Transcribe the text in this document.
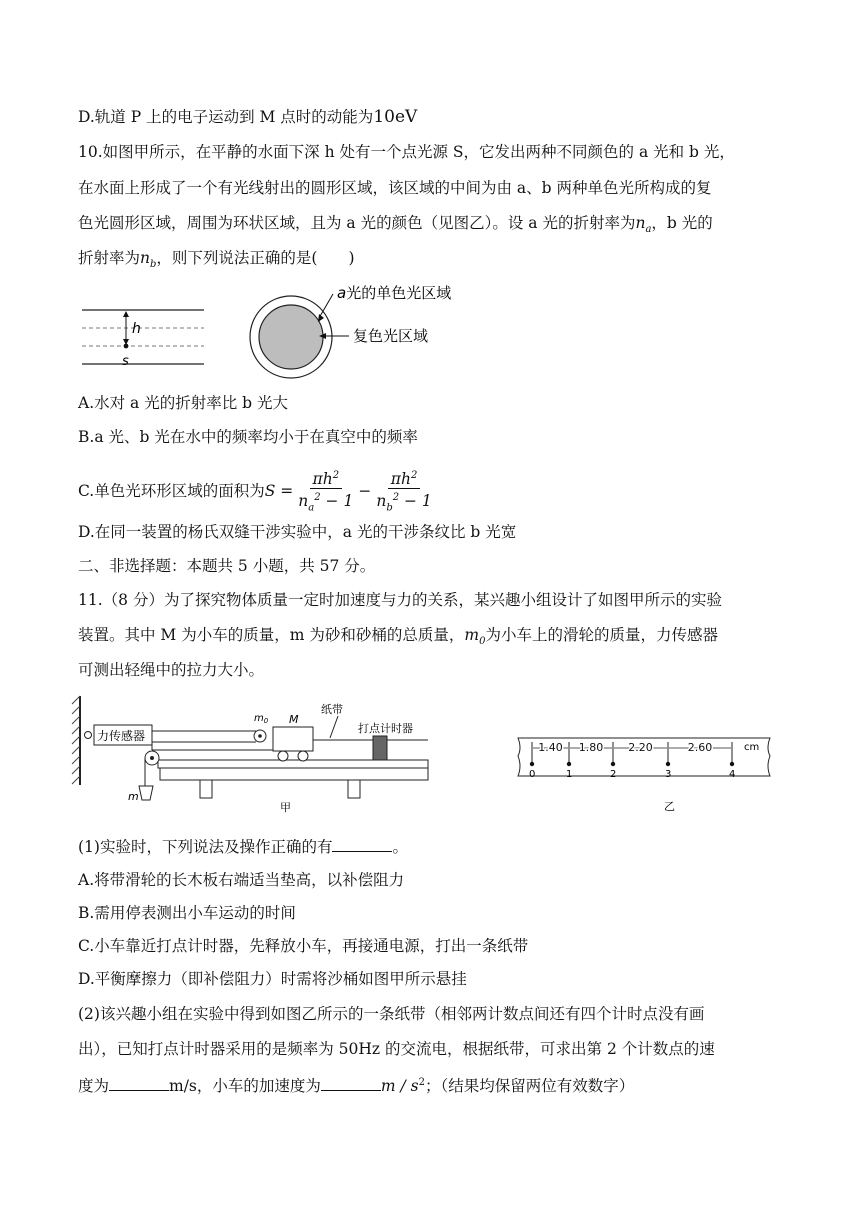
D.轨道 P 上的电子运动到 M 点时的动能为10eV
10.如图甲所示，在平静的水面下深 h 处有一个点光源 S，它发出两种不同颜色的 a 光和 b 光，
在水面上形成了一个有光线射出的圆形区域，该区域的中间为由 a、b 两种单色光所构成的复
色光圆形区域，周围为环状区域，且为 a 光的颜色（见图乙）。设 a 光的折射率为$n_a$，b 光的
折射率为$n_b$，则下列说法正确的是(　　)
h
s
a光的单色光区域
复色光区域
A.水对 a 光的折射率比 b 光大
B.a 光、b 光在水中的频率均小于在真空中的频率
C.单色光环形区域的面积为$S = \frac{\pi h^2}{n_a^2 - 1} - \frac{\pi h^2}{n_b^2 - 1}$
D.在同一装置的杨氏双缝干涉实验中，a 光的干涉条纹比 b 光宽
二、非选择题：本题共 5 小题，共 57 分。
11.（8 分）为了探究物体质量一定时加速度与力的关系，某兴趣小组设计了如图甲所示的实验
装置。其中 M 为小车的质量，m 为砂和砂桶的总质量，$m_0$为小车上的滑轮的质量，力传感器
可测出轻绳中的拉力大小。
力传感器
m
$m_0$ M
纸带
打点计时器
甲
1.40 1.80 2.20	2.60
0	1	2	3	4
cm
乙
(1)实验时，下列说法及操作正确的有	。
A.将带滑轮的长木板右端适当垫高，以补偿阻力
B.需用停表测出小车运动的时间
C.小车靠近打点计时器，先释放小车，再接通电源，打出一条纸带
D.平衡摩擦力（即补偿阻力）时需将沙桶如图甲所示悬挂
(2)该兴趣小组在实验中得到如图乙所示的一条纸带（相邻两计数点间还有四个计时点没有画
出），已知打点计时器采用的是频率为 50Hz 的交流电，根据纸带，可求出第 2 个计数点的速
度为	m/s，小车的加速度为	m / $s^2$；（结果均保留两位有效数字）
